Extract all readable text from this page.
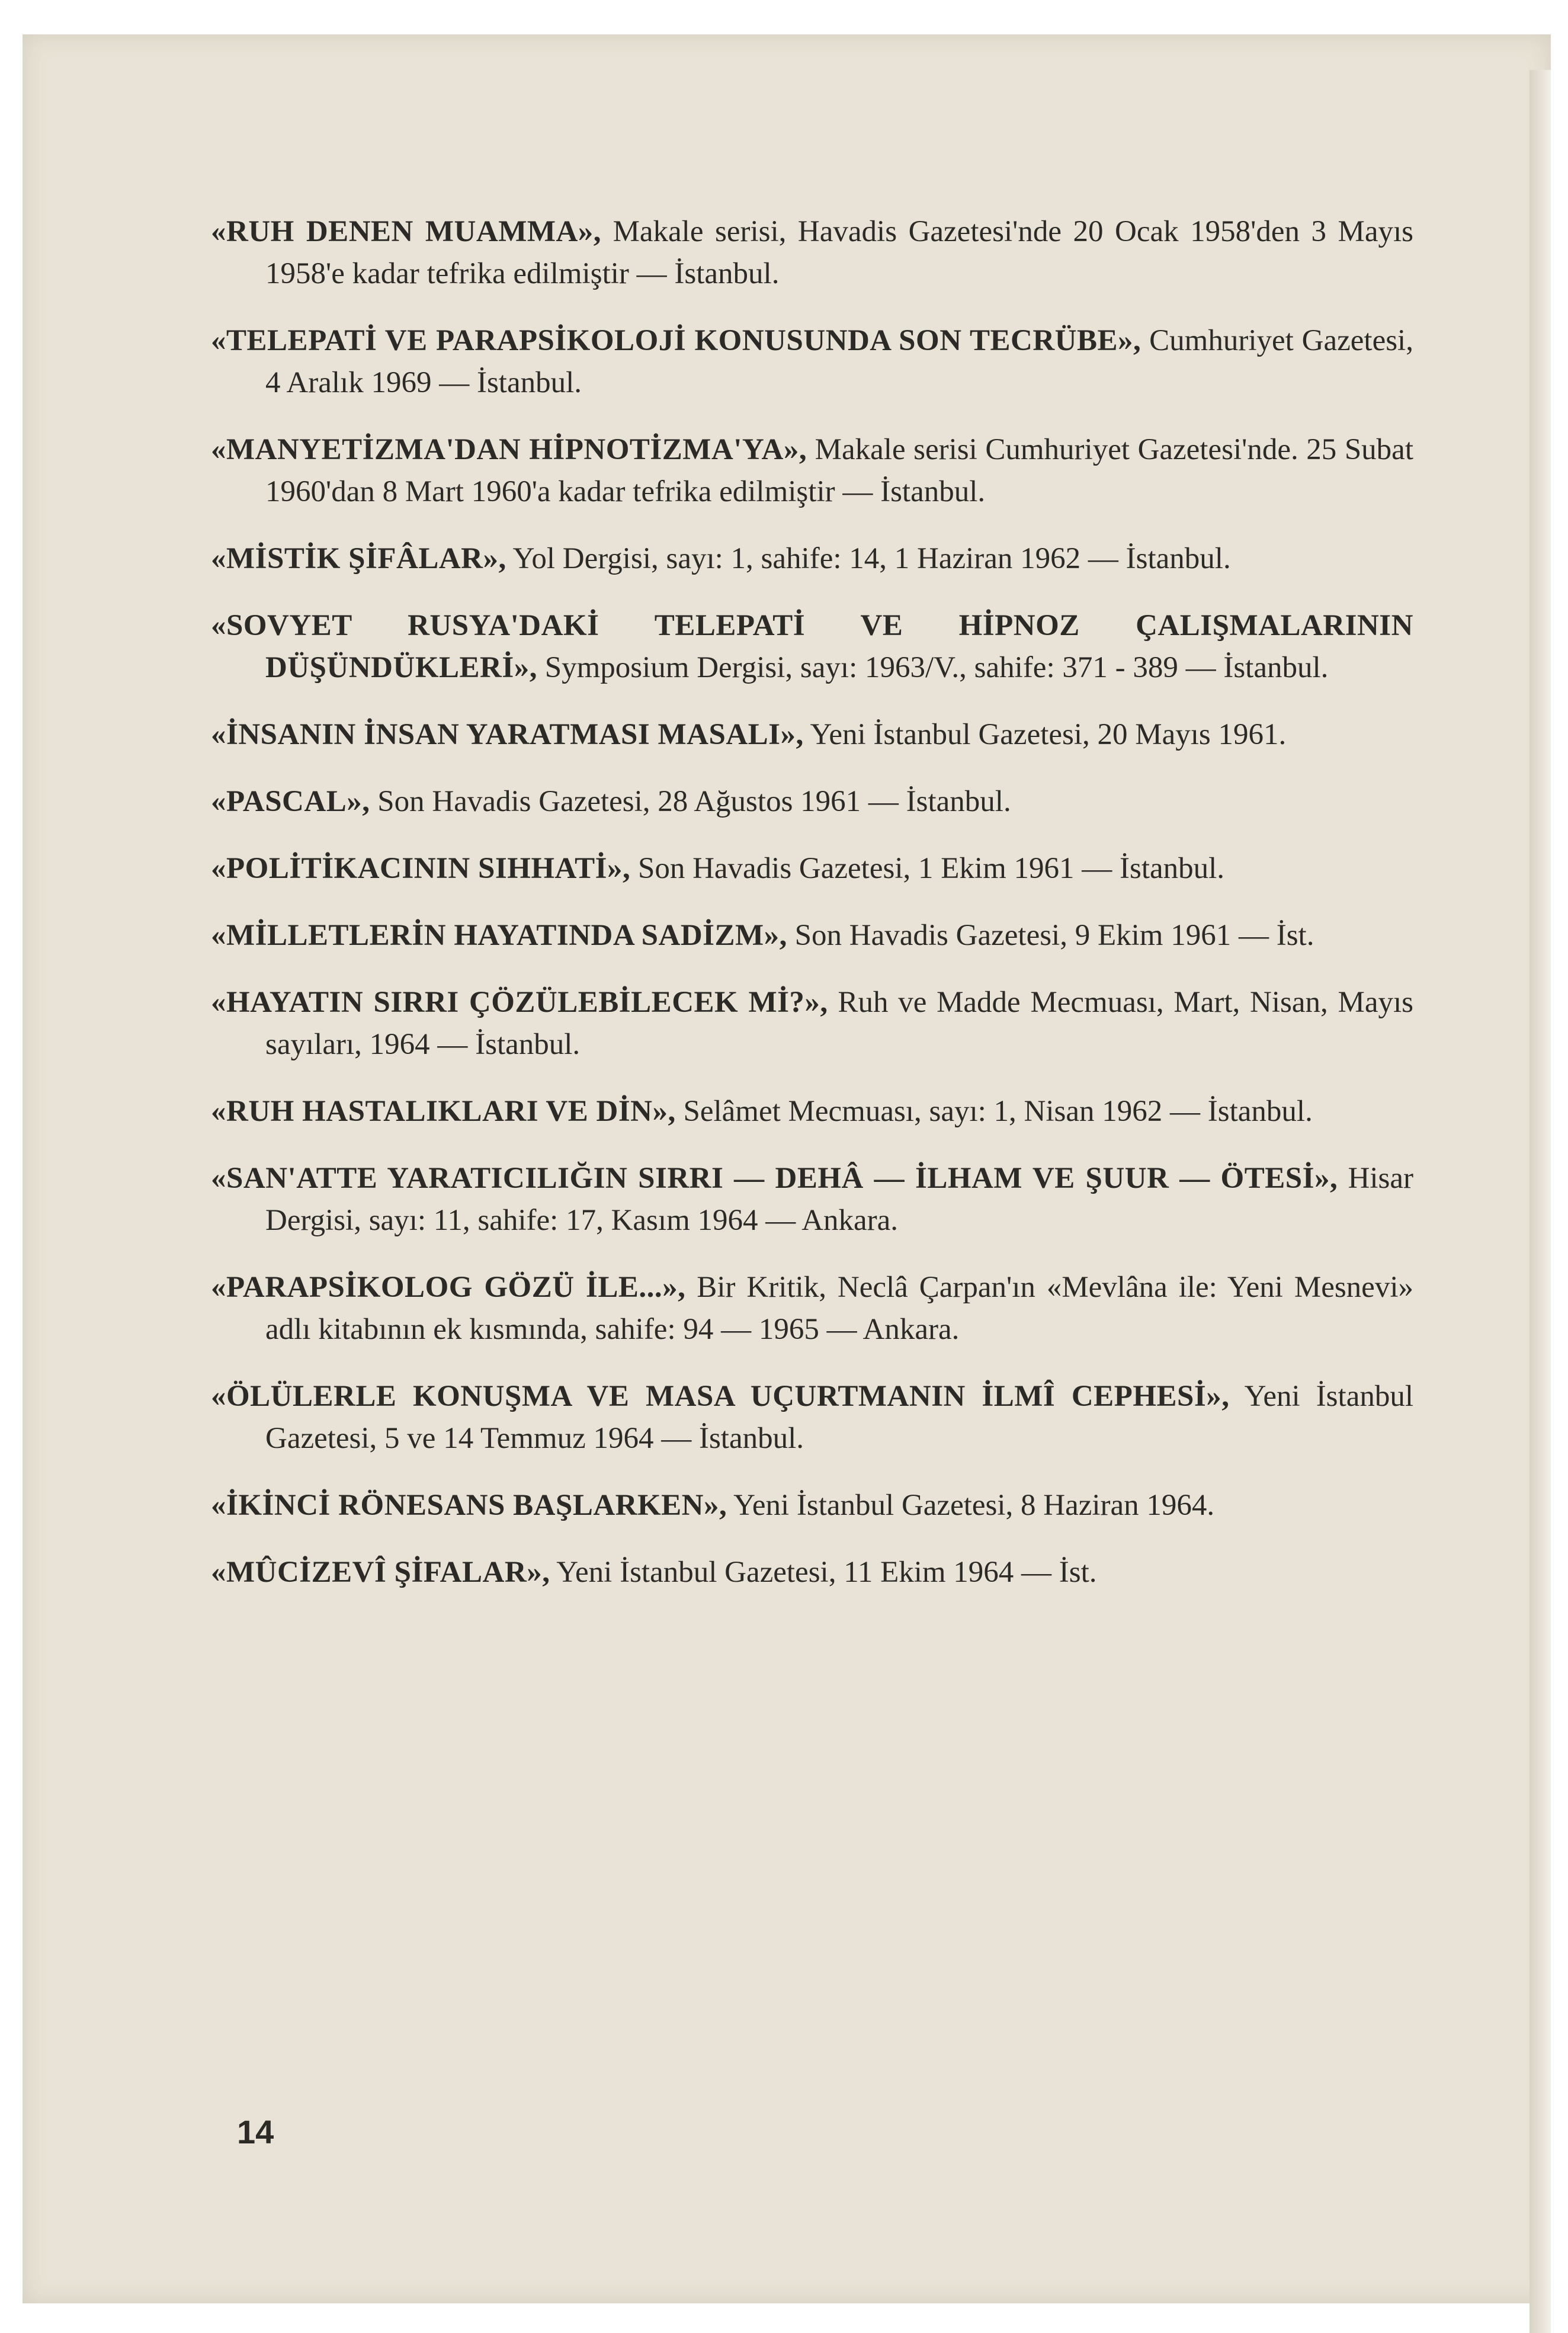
«RUH DENEN MUAMMA», Makale serisi, Havadis Gazetesi'nde 20 Ocak 1958'den 3 Mayıs 1958'e kadar tefrika edilmiştir — İstanbul.
«TELEPATİ VE PARAPSİKOLOJİ KONUSUNDA SON TECRÜBE», Cumhuriyet Gazetesi, 4 Aralık 1969 — İstanbul.
«MANYETİZMA'DAN HİPNOTİZMA'YA», Makale serisi Cumhuriyet Gazetesi'nde. 25 Subat 1960'dan 8 Mart 1960'a kadar tefrika edilmiştir — İstanbul.
«MİSTİK ŞİFÂLAR», Yol Dergisi, sayı: 1, sahife: 14, 1 Haziran 1962 — İstanbul.
«SOVYET RUSYA'DAKİ TELEPATİ VE HİPNOZ ÇALIŞMALARININ DÜŞÜNDÜKLERİ», Symposium Dergisi, sayı: 1963/V., sahife: 371 - 389 — İstanbul.
«İNSANIN İNSAN YARATMASI MASALI», Yeni İstanbul Gazetesi, 20 Mayıs 1961.
«PASCAL», Son Havadis Gazetesi, 28 Ağustos 1961 — İstanbul.
«POLİTİKACININ SIHHATİ», Son Havadis Gazetesi, 1 Ekim 1961 — İstanbul.
«MİLLETLERİN HAYATINDA SADİZM», Son Havadis Gazetesi, 9 Ekim 1961 — İst.
«HAYATIN SIRRI ÇÖZÜLEBİLECEK Mİ?», Ruh ve Madde Mecmuası, Mart, Nisan, Mayıs sayıları, 1964 — İstanbul.
«RUH HASTALIKLARI VE DİN», Selâmet Mecmuası, sayı: 1, Nisan 1962 — İstanbul.
«SAN'ATTE YARATICILIĞIN SIRRI — DEHÂ — İLHAM VE ŞUUR — ÖTESİ», Hisar Dergisi, sayı: 11, sahife: 17, Kasım 1964 — Ankara.
«PARAPSİKOLOG GÖZÜ İLE...», Bir Kritik, Neclâ Çarpan'ın «Mevlâna ile: Yeni Mesnevi» adlı kitabının ek kısmında, sahife: 94 — 1965 — Ankara.
«ÖLÜLERLE KONUŞMA VE MASA UÇURTMANIN İLMÎ CEPHESİ», Yeni İstanbul Gazetesi, 5 ve 14 Temmuz 1964 — İstanbul.
«İKİNCİ RÖNESANS BAŞLARKEN», Yeni İstanbul Gazetesi, 8 Haziran 1964.
«MÛCİZEVÎ ŞİFALAR», Yeni İstanbul Gazetesi, 11 Ekim 1964 — İst.
14
